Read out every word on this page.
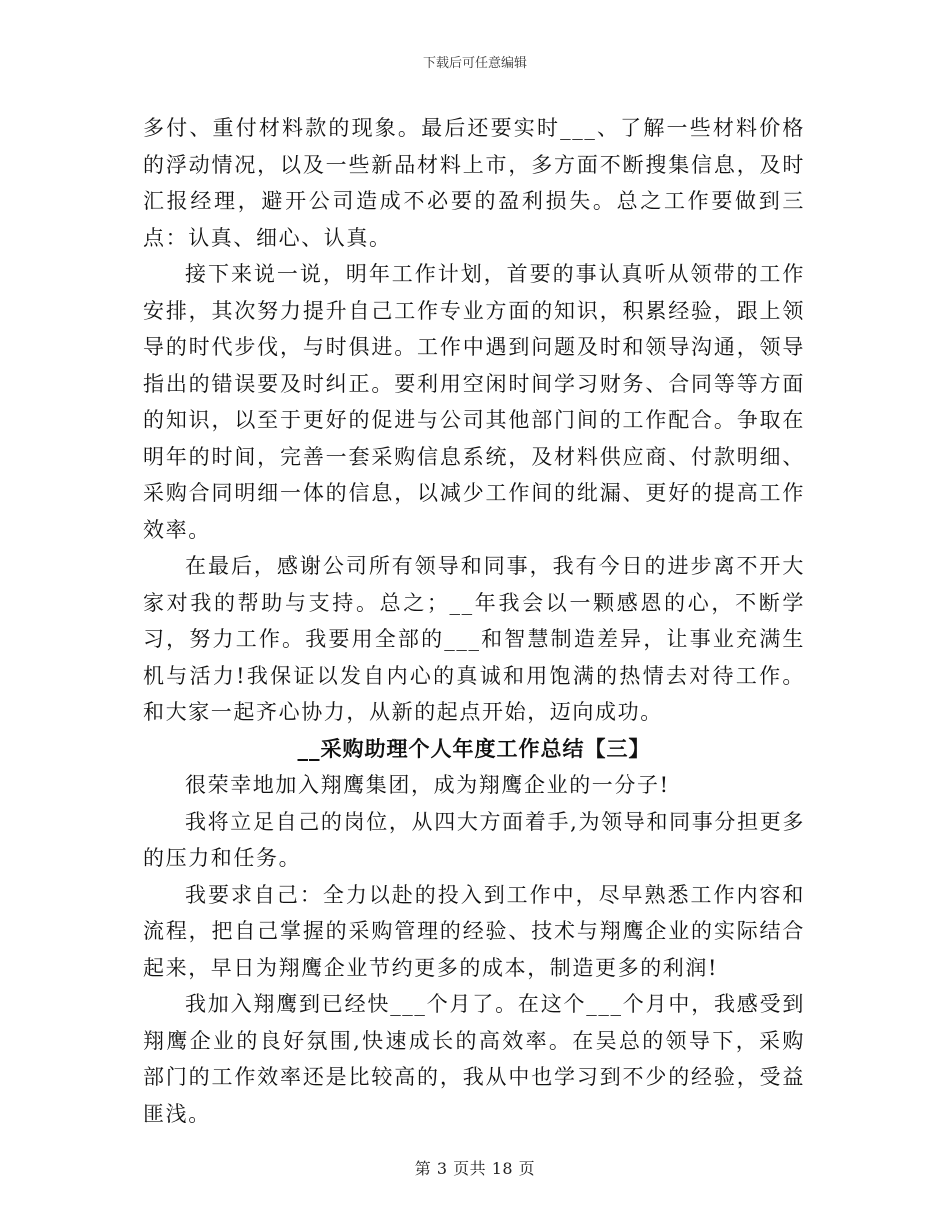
下载后可任意编辑

多付、重付材料款的现象。最后还要实时___、了解一些材料价格的浮动情况，以及一些新品材料上市，多方面不断搜集信息，及时汇报经理，避开公司造成不必要的盈利损失。总之工作要做到三点：认真、细心、认真。

接下来说一说，明年工作计划，首要的事认真听从领带的工作安排，其次努力提升自己工作专业方面的知识，积累经验，跟上领导的时代步伐，与时俱进。工作中遇到问题及时和领导沟通，领导指出的错误要及时纠正。要利用空闲时间学习财务、合同等等方面的知识，以至于更好的促进与公司其他部门间的工作配合。争取在明年的时间，完善一套采购信息系统，及材料供应商、付款明细、采购合同明细一体的信息，以减少工作间的纰漏、更好的提高工作效率。

在最后，感谢公司所有领导和同事，我有今日的进步离不开大家对我的帮助与支持。总之；__年我会以一颗感恩的心，不断学习，努力工作。我要用全部的___和智慧制造差异，让事业充满生机与活力!我保证以发自内心的真诚和用饱满的热情去对待工作。和大家一起齐心协力，从新的起点开始，迈向成功。

__采购助理个人年度工作总结【三】

很荣幸地加入翔鹰集团，成为翔鹰企业的一分子!

我将立足自己的岗位，从四大方面着手,为领导和同事分担更多的压力和任务。

我要求自己：全力以赴的投入到工作中，尽早熟悉工作内容和流程，把自己掌握的采购管理的经验、技术与翔鹰企业的实际结合起来，早日为翔鹰企业节约更多的成本，制造更多的利润!

我加入翔鹰到已经快___个月了。在这个___个月中，我感受到翔鹰企业的良好氛围,快速成长的高效率。在吴总的领导下，采购部门的工作效率还是比较高的，我从中也学习到不少的经验，受益匪浅。

第 3 页共 18 页
